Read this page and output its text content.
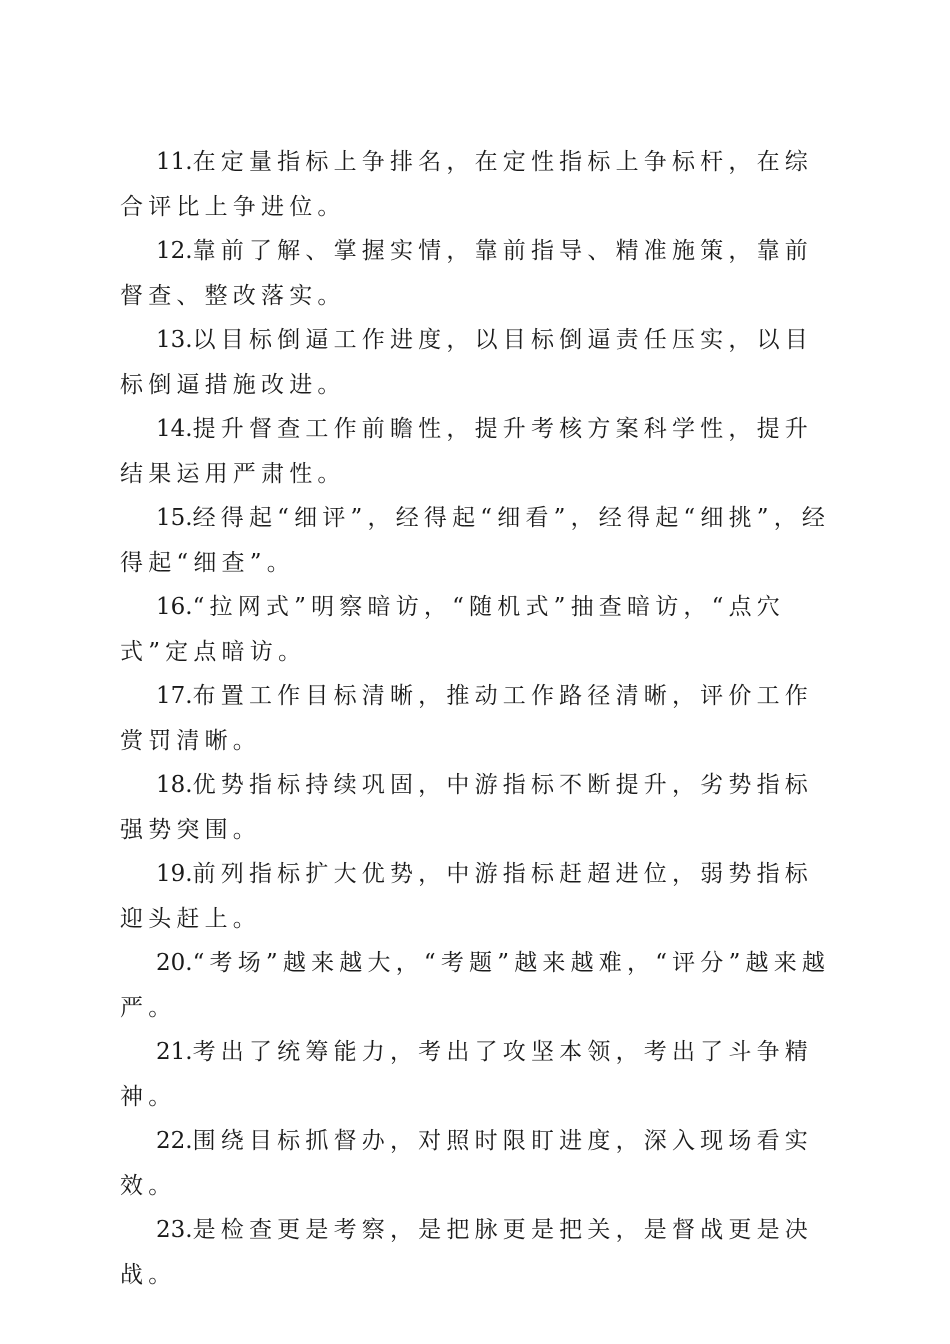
11.在定量指标上争排名，在定性指标上争标杆，在综合评比上争进位。

12.靠前了解、掌握实情，靠前指导、精准施策，靠前督查、整改落实。

13.以目标倒逼工作进度，以目标倒逼责任压实，以目标倒逼措施改进。

14.提升督查工作前瞻性，提升考核方案科学性，提升结果运用严肃性。

15.经得起“细评”，经得起“细看”，经得起“细挑”，经得起“细查”。

16.“拉网式”明察暗访，“随机式”抽查暗访，“点穴式”定点暗访。

17.布置工作目标清晰，推动工作路径清晰，评价工作赏罚清晰。

18.优势指标持续巩固，中游指标不断提升，劣势指标强势突围。

19.前列指标扩大优势，中游指标赶超进位，弱势指标迎头赶上。

20.“考场”越来越大，“考题”越来越难，“评分”越来越严。

21.考出了统筹能力，考出了攻坚本领，考出了斗争精神。

22.围绕目标抓督办，对照时限盯进度，深入现场看实效。

23.是检查更是考察，是把脉更是把关，是督战更是决战。
